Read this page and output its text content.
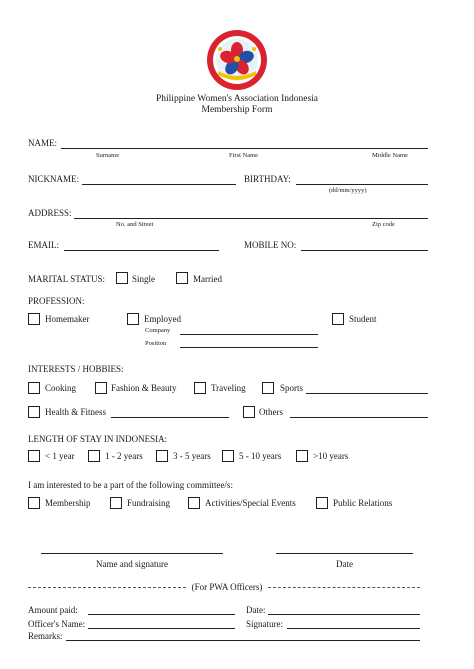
Philippine Women's Association Indonesia
Membership Form
NAME:
Surname	First Name	Middle Name
NICKNAME:	BIRTHDAY:
(dd/mm/yyyy)
ADDRESS:
No. and Street	Zip code
EMAIL:	MOBILE NO:
MARITAL STATUS:	Single	Married
PROFESSION:
Homemaker	Employed	Student
Company
Position
INTERESTS / HOBBIES:
Cooking	Fashion & Beauty	Traveling	Sports
Health & Fitness	Others
LENGTH OF STAY IN INDONESIA:
< 1 year	1 - 2 years	3 - 5 years	5 - 10 years	>10 years
I am interested to be a part of the following committee/s:
Membership	Fundraising	Activities/Special Events	Public Relations
Name and signature	Date
(For PWA Officers)
Amount paid:	Date:
Officer's Name:	Signature:
Remarks:
